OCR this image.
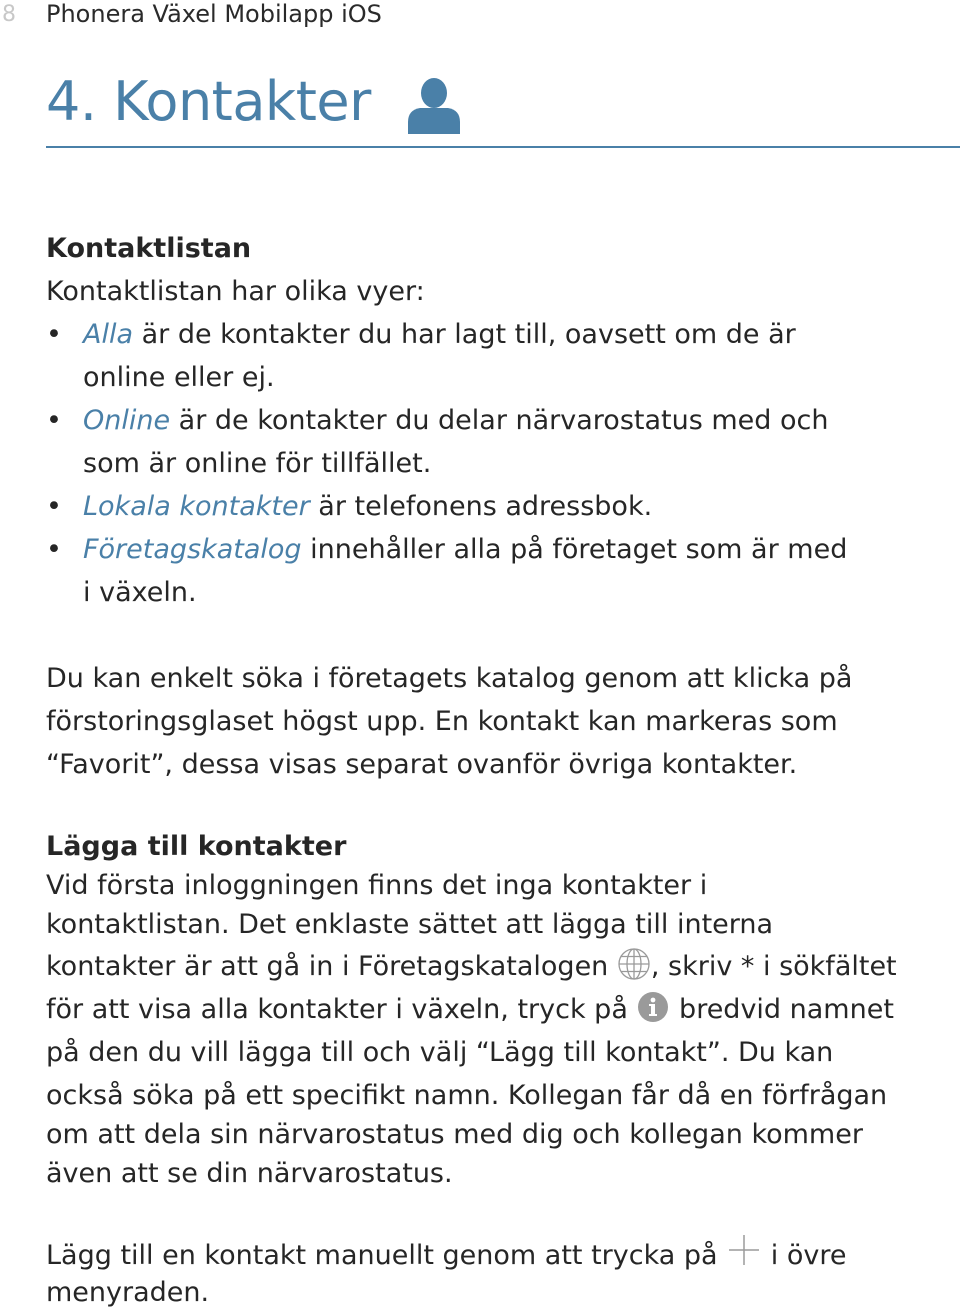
8 Phonera Växel Mobilapp iOS
4. Kontakter
Kontaktlistan
Kontaktlistan har olika vyer:
• Alla är de kontakter du har lagt till, oavsett om de är
online eller ej.
• Online är de kontakter du delar närvarostatus med och
som är online för tillfället.
• Lokala kontakter är telefonens adressbok.
• Företagskatalog innehåller alla på företaget som är med
i växeln.
Du kan enkelt söka i företagets katalog genom att klicka på
förstoringsglaset högst upp. En kontakt kan markeras som
“Favorit”, dessa visas separat ovanför övriga kontakter.
Lägga till kontakter
Vid första inloggningen finns det inga kontakter i
kontaktlistan. Det enklaste sättet att lägga till interna
kontakter är att gå in i Företagskatalogen , skriv * i sökfältet
för att visa alla kontakter i växeln, tryck på  bredvid namnet
på den du vill lägga till och välj “Lägg till kontakt”. Du kan
också söka på ett specifikt namn. Kollegan får då en förfrågan
om att dela sin närvarostatus med dig och kollegan kommer
även att se din närvarostatus.
Lägg till en kontakt manuellt genom att trycka på  i övre
menyraden.
